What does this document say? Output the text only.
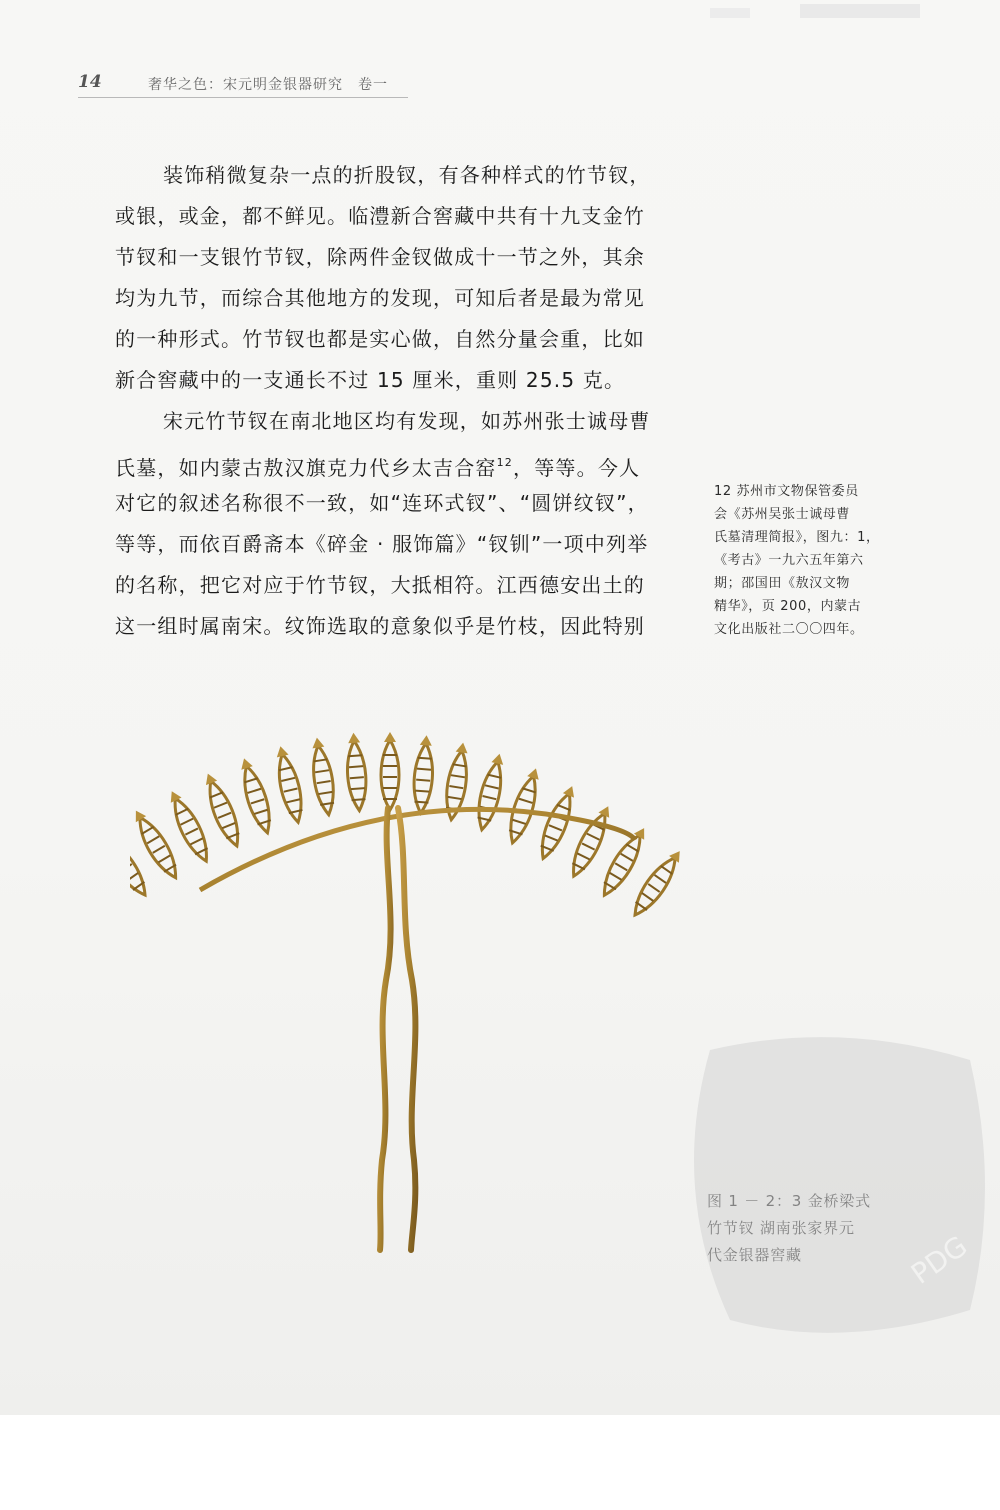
14	奢华之色：宋元明金银器研究　卷一

装饰稍微复杂一点的折股钗，有各种样式的竹节钗，
或银，或金，都不鲜见。临澧新合窖藏中共有十九支金竹
节钗和一支银竹节钗，除两件金钗做成十一节之外，其余
均为九节，而综合其他地方的发现，可知后者是最为常见
的一种形式。竹节钗也都是实心做，自然分量会重，比如
新合窖藏中的一支通长不过 15 厘米，重则 25.5 克。

宋元竹节钗在南北地区均有发现，如苏州张士诚母曹
氏墓，如内蒙古敖汉旗克力代乡太吉合窑$^{12}$，等等。今人
对它的叙述名称很不一致，如“连环式钗”、“圆饼纹钗”，
等等，而依百爵斋本《碎金 · 服饰篇》“钗钏”一项中列举
的名称，把它对应于竹节钗，大抵相符。江西德安出土的
这一组时属南宋。纹饰选取的意象似乎是竹枝，因此特别

12 苏州市文物保管委员
会《苏州吴张士诚母曹
氏墓清理简报》，图九：1，
《考古》一九六五年第六
期；邵国田《敖汉文物
精华》，页 200，内蒙古
文化出版社二〇〇四年。
PDG
